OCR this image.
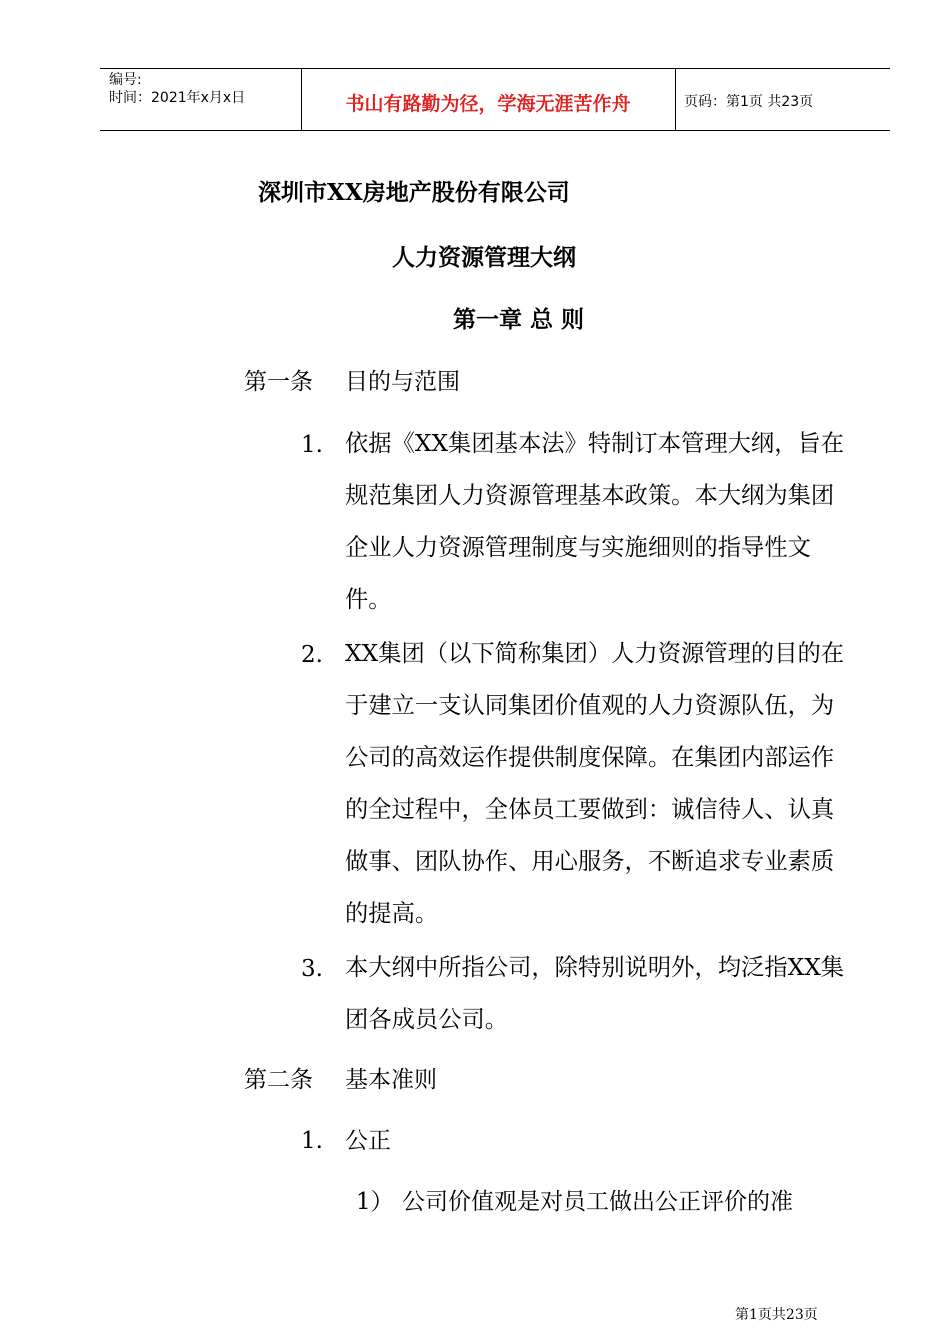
编号:
时间：2021年x月x日	书山有路勤为径，学海无涯苦作舟	页码：第1页 共23页
深圳市XX房地产股份有限公司
人力资源管理大纲
第一章 总 则
第一条 目的与范围
1. 依据《XX集团基本法》特制订本管理大纲，旨在规范集团人力资源管理基本政策。本大纲为集团企业人力资源管理制度与实施细则的指导性文件。
2. XX集团（以下简称集团）人力资源管理的目的在于建立一支认同集团价值观的人力资源队伍，为公司的高效运作提供制度保障。在集团内部运作的全过程中，全体员工要做到：诚信待人、认真做事、团队协作、用心服务，不断追求专业素质的提高。
3. 本大纲中所指公司，除特别说明外，均泛指XX集团各成员公司。
第二条 基本准则
1. 公正
1） 公司价值观是对员工做出公正评价的准
第1页共23页
